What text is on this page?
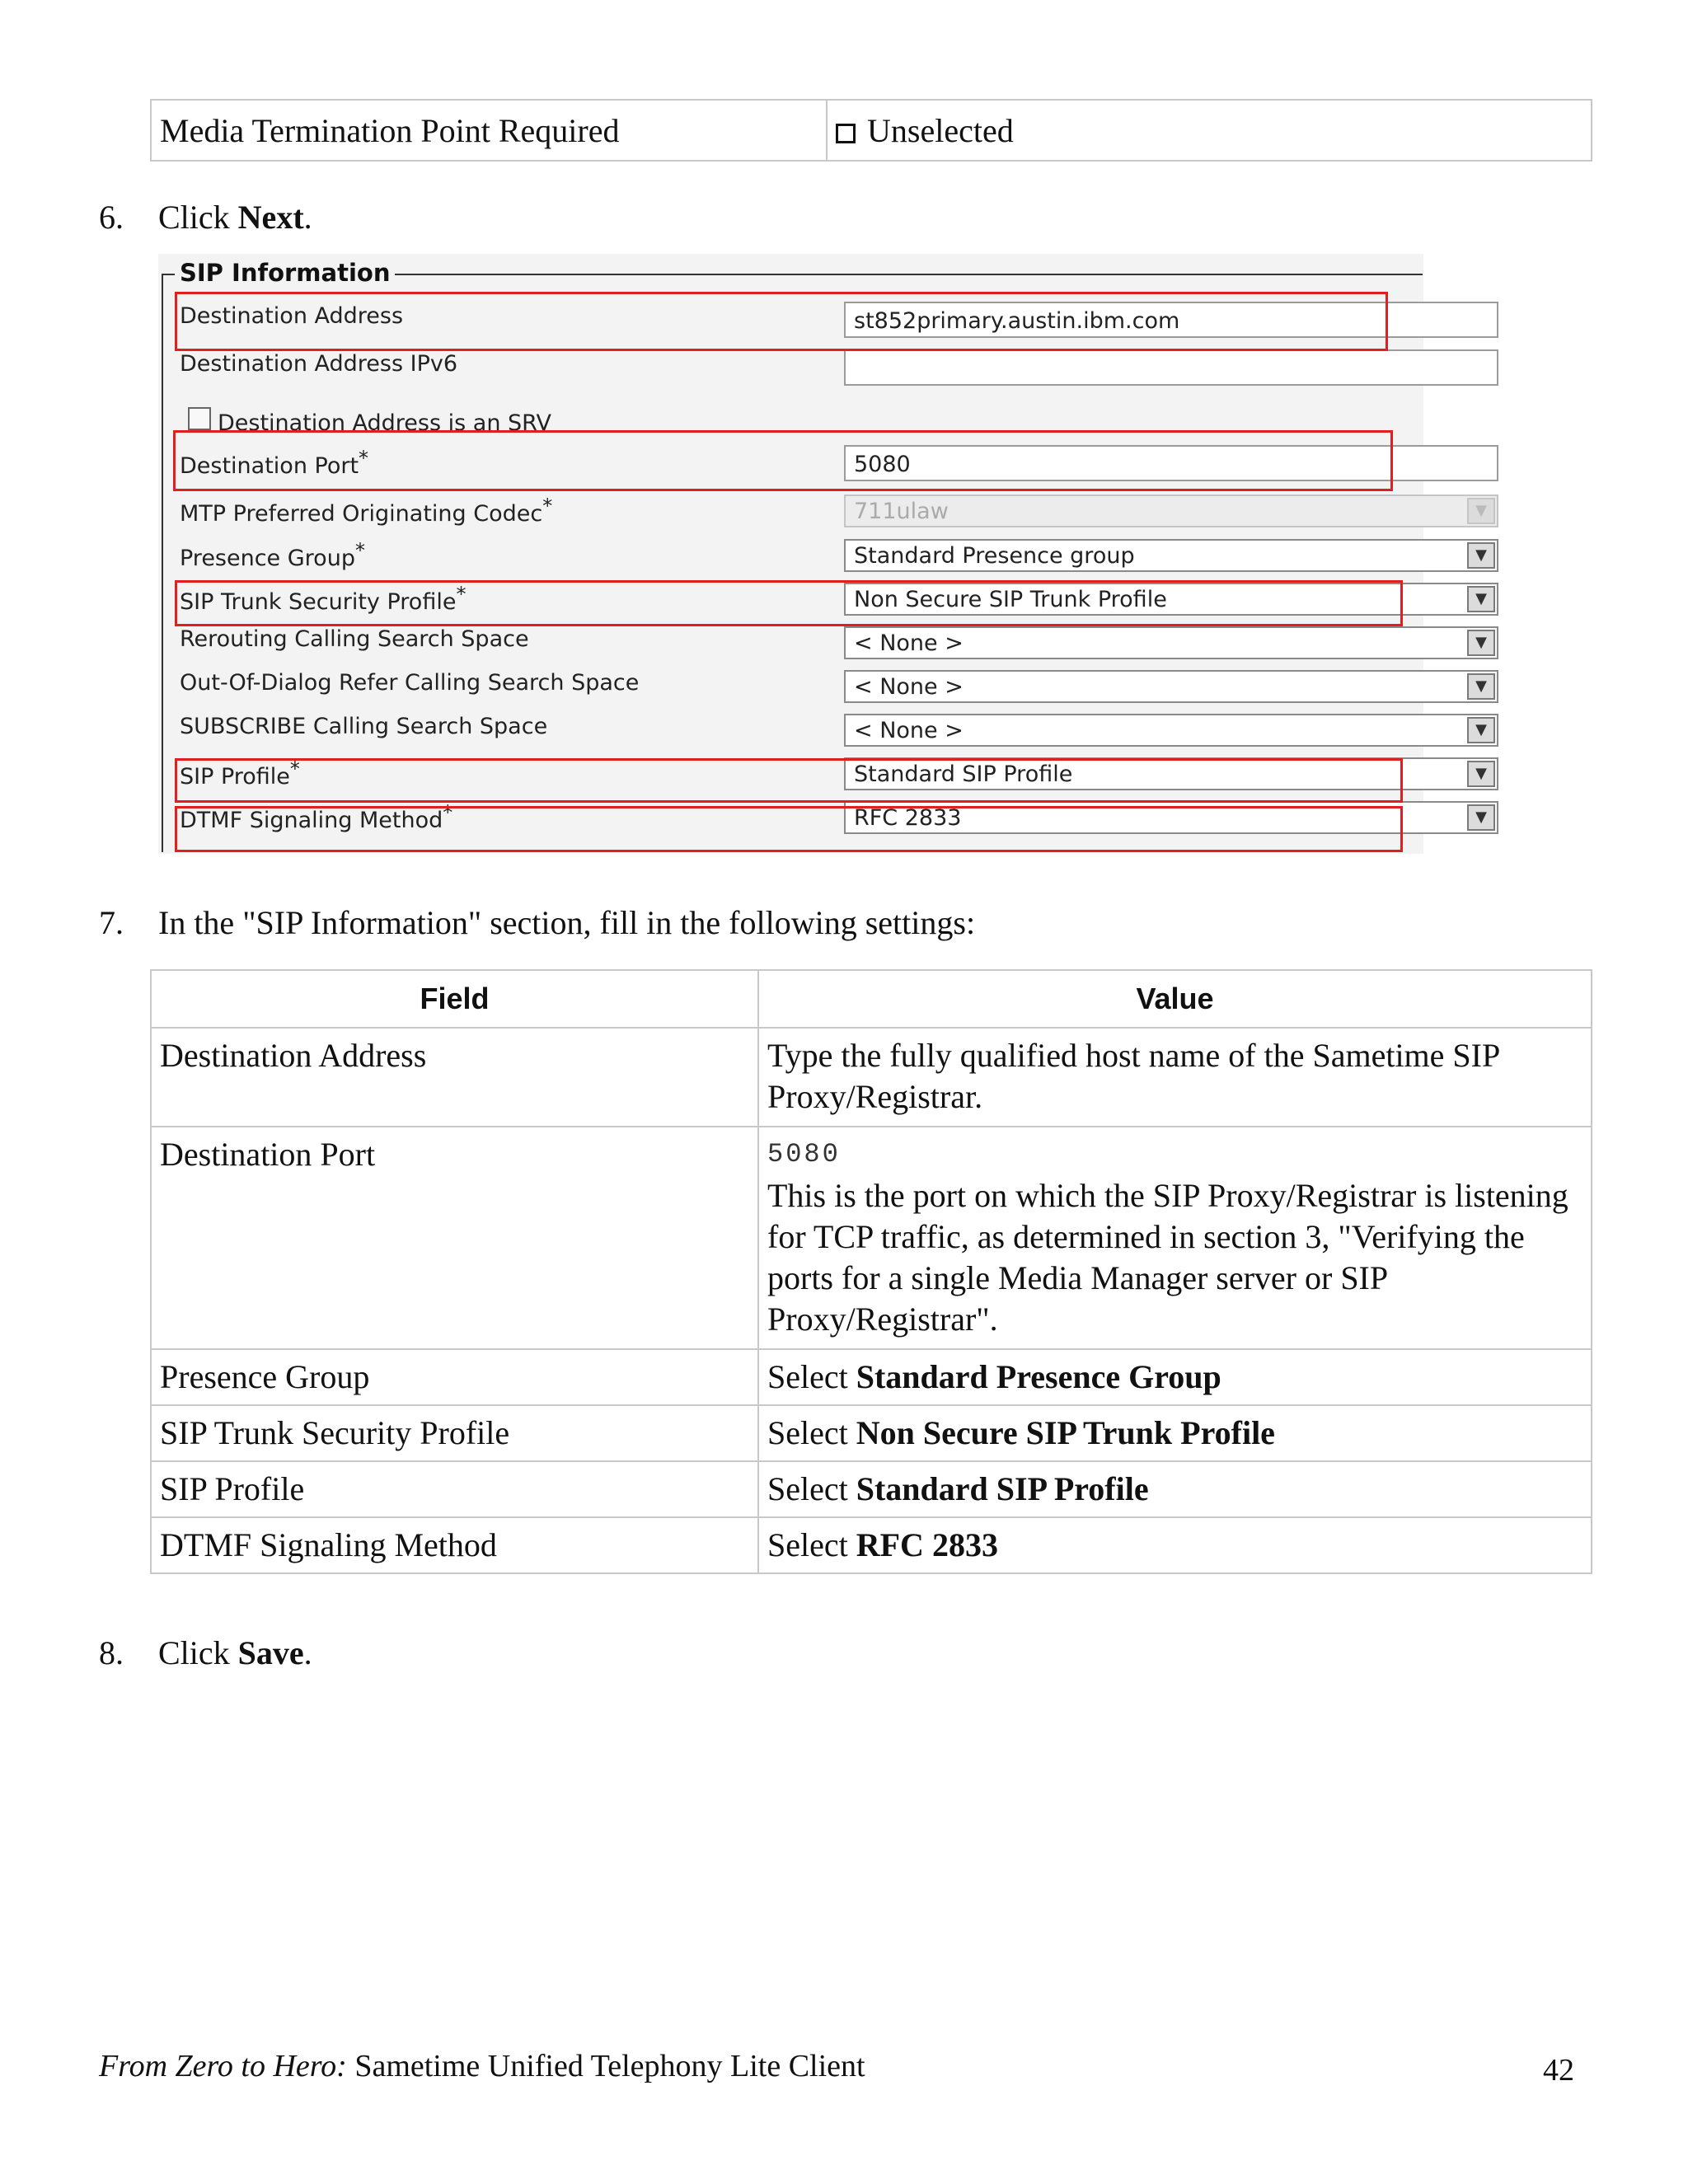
Media Termination Point Required	Unselected
6. Click Next.
SIP Information
Destination Address	st852primary.austin.ibm.com
Destination Address IPv6
Destination Address is an SRV
Destination Port*	5080
MTP Preferred Originating Codec*	711ulaw	▼
Presence Group*	Standard Presence group	▼
SIP Trunk Security Profile*	Non Secure SIP Trunk Profile	▼
Rerouting Calling Search Space	< None >	▼
Out-Of-Dialog Refer Calling Search Space	< None >	▼
SUBSCRIBE Calling Search Space	< None >	▼
SIP Profile*	Standard SIP Profile	▼
DTMF Signaling Method*	RFC 2833	▼
7. In the "SIP Information" section, fill in the following settings:
Field	Value
Destination Address	Type the fully qualified host name of the Sametime SIP Proxy/Registrar.
Destination Port	5080
This is the port on which the SIP Proxy/Registrar is listening for TCP traffic, as determined in section 3, "Verifying the ports for a single Media Manager server or SIP Proxy/Registrar".

Presence Group	Select Standard Presence Group
SIP Trunk Security Profile	Select Non Secure SIP Trunk Profile
SIP Profile	Select Standard SIP Profile
DTMF Signaling Method	Select RFC 2833
8. Click Save.
From Zero to Hero: Sametime Unified Telephony Lite Client	42
